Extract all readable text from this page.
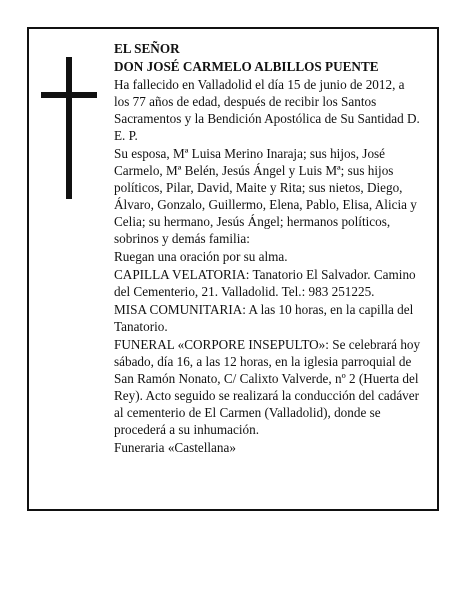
EL SEÑOR

DON JOSÉ CARMELO ALBILLOS PUENTE

Ha fallecido en Valladolid el día 15 de junio de 2012, a los 77 años de edad, después de recibir los Santos Sacramentos y la Bendición Apostólica de Su Santidad D. E. P.

Su esposa, Mª Luisa Merino Inaraja; sus hijos, José Carmelo, Mª Belén, Jesús Ángel y Luis Mª; sus hijos políticos, Pilar, David, Maite y Rita; sus nietos, Diego, Álvaro, Gonzalo, Guillermo, Elena, Pablo, Elisa, Alicia y Celia; su hermano, Jesús Ángel; hermanos políticos, sobrinos y demás familia:

Ruegan una oración por su alma.

CAPILLA VELATORIA: Tanatorio El Salvador. Camino del Cementerio, 21. Valladolid. Tel.: 983 251225.

MISA COMUNITARIA: A las 10 horas, en la capilla del Tanatorio.

FUNERAL «CORPORE INSEPULTO»: Se celebrará hoy sábado, día 16, a las 12 horas, en la iglesia parroquial de San Ramón Nonato, C/ Calixto Valverde, nº 2 (Huerta del Rey). Acto seguido se realizará la conducción del cadáver al cementerio de El Carmen (Valladolid), donde se procederá a su inhumación.

Funeraria «Castellana»
